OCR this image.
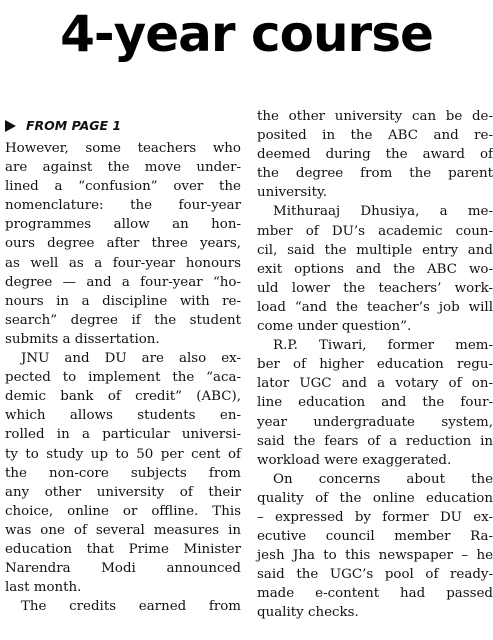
4-year course
FROM PAGE 1
However, some teachers who
are against the move under-
lined a “confusion” over the
nomenclature: the four-year
programmes allow an hon-
ours degree after three years,
as well as a four-year honours
degree — and a four-year “ho-
nours in a discipline with re-
search” degree if the student
submits a dissertation.
JNU and DU are also ex-
pected to implement the “aca-
demic bank of credit” (ABC),
which allows students en-
rolled in a particular universi-
ty to study up to 50 per cent of
the non-core subjects from
any other university of their
choice, online or offline. This
was one of several measures in
education that Prime Minister
Narendra Modi announced
last month.
The credits earned from
the other university can be de-
posited in the ABC and re-
deemed during the award of
the degree from the parent
university.
Mithuraaj Dhusiya, a me-
mber of DU’s academic coun-
cil, said the multiple entry and
exit options and the ABC wo-
uld lower the teachers’ work-
load “and the teacher’s job will
come under question”.
R.P. Tiwari, former mem-
ber of higher education regu-
lator UGC and a votary of on-
line education and the four-
year undergraduate system,
said the fears of a reduction in
workload were exaggerated.
On concerns about the
quality of the online education
– expressed by former DU ex-
ecutive council member Ra-
jesh Jha to this newspaper – he
said the UGC’s pool of ready-
made e-content had passed
quality checks.
